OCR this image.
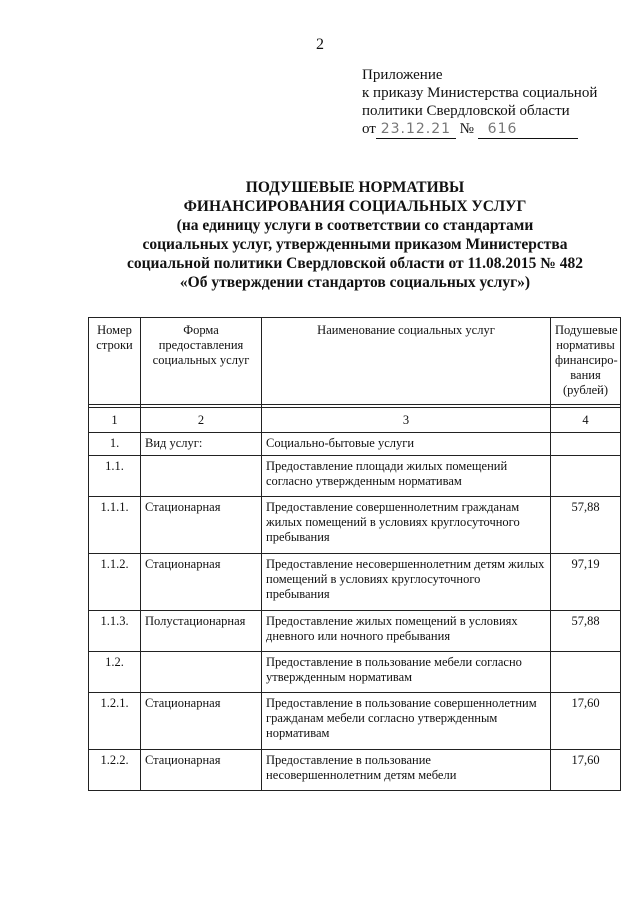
2
Приложение
к приказу Министерства социальной
политики Свердловской области
от 23.12.21 № 616
ПОДУШЕВЫЕ НОРМАТИВЫ
ФИНАНСИРОВАНИЯ СОЦИАЛЬНЫХ УСЛУГ
(на единицу услуги в соответствии со стандартами
социальных услуг, утвержденными приказом Министерства
социальной политики Свердловской области от 11.08.2015 № 482
«Об утверждении стандартов социальных услуг»)
Номер строки	Форма предоставления социальных услуг	Наименование социальных услуг	Подушевые нормативы финансиро-вания (рублей)

1	2	3	4
1.	Вид услуг:	Социально-бытовые услуги	
1.1.		Предоставление площади жилых помещений согласно утвержденным нормативам	
1.1.1.	Стационарная	Предоставление совершеннолетним гражданам жилых помещений в условиях круглосуточного пребывания	57,88
1.1.2.	Стационарная	Предоставление несовершеннолетним детям жилых помещений в условиях круглосуточного пребывания	97,19
1.1.3.	Полустационарная	Предоставление жилых помещений в условиях дневного или ночного пребывания	57,88
1.2.		Предоставление в пользование мебели согласно утвержденным нормативам	
1.2.1.	Стационарная	Предоставление в пользование совершеннолетним гражданам мебели согласно утвержденным нормативам	17,60
1.2.2.	Стационарная	Предоставление в пользование несовершеннолетним детям мебели	17,60
